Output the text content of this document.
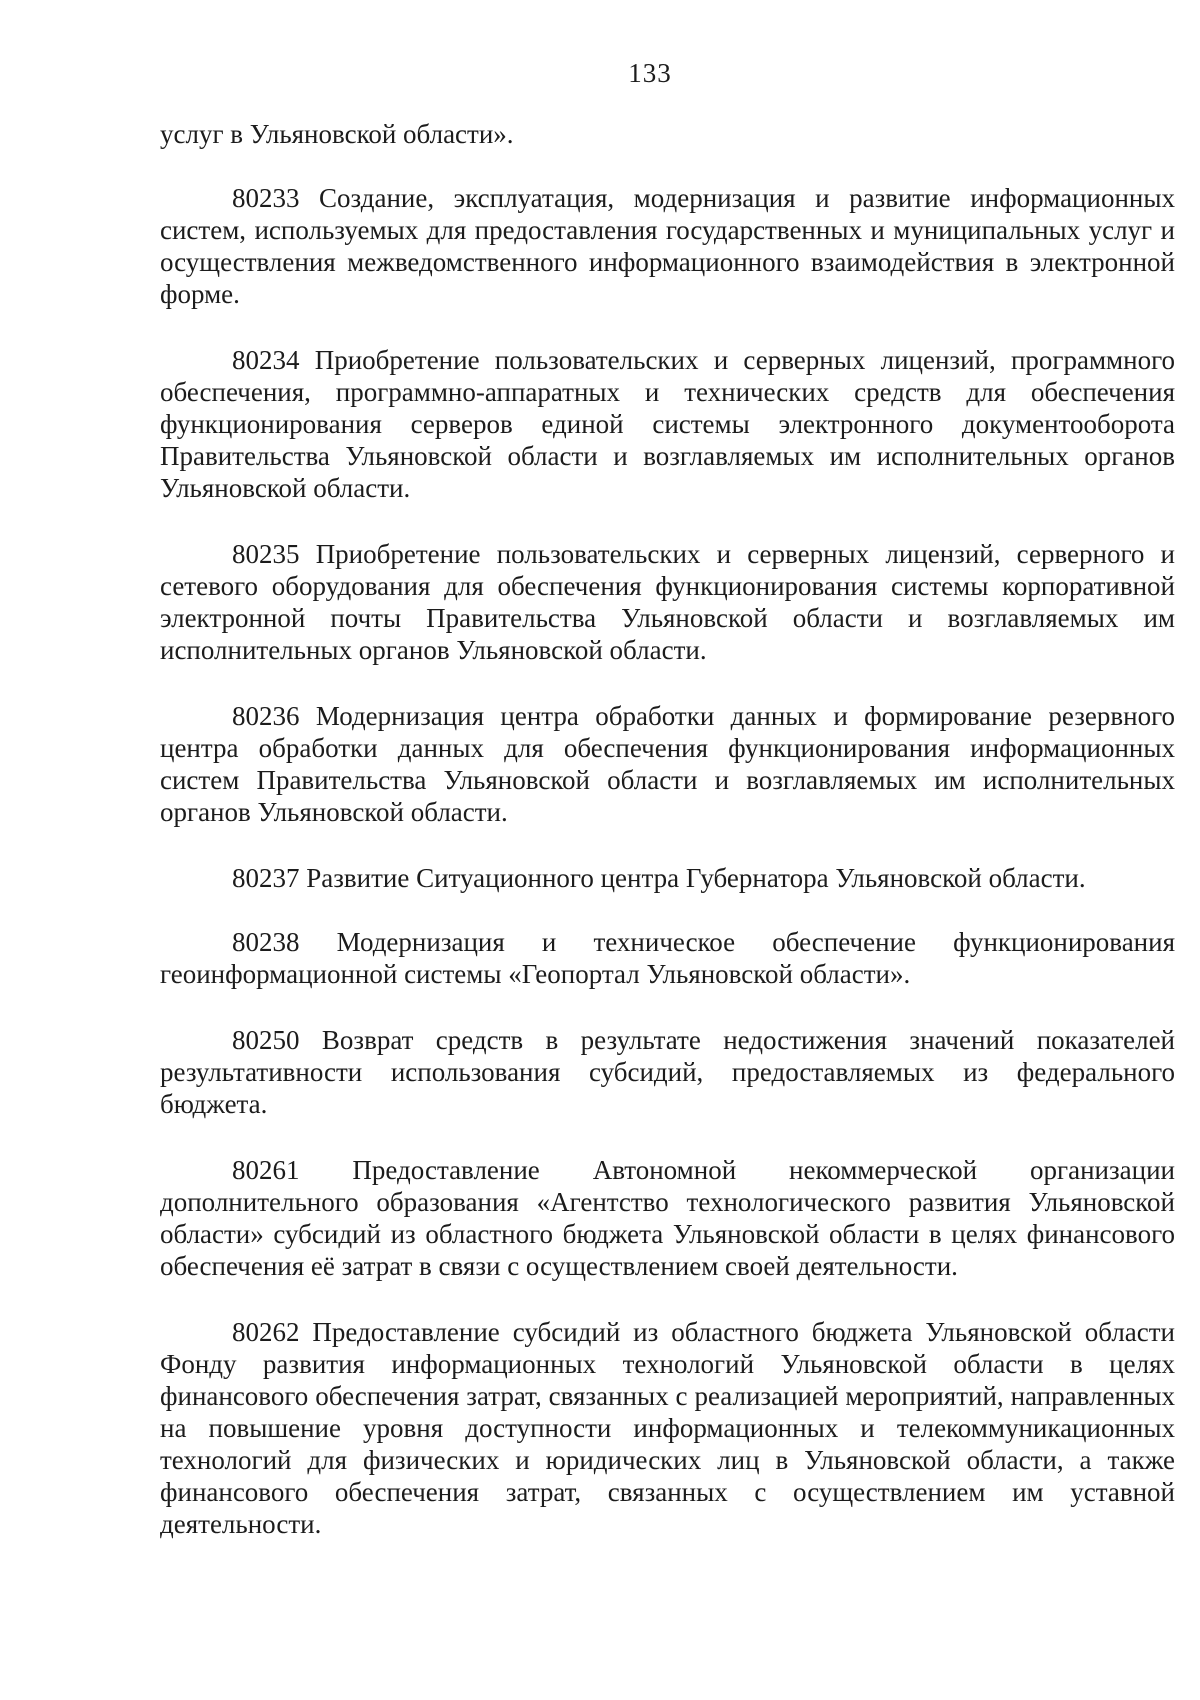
133

услуг в Ульяновской области».

80233 Создание, эксплуатация, модернизация и развитие информационных систем, используемых для предоставления государственных и муниципальных услуг и осуществления межведомственного информационного взаимодействия в электронной форме.

80234 Приобретение пользовательских и серверных лицензий, программного обеспечения, программно-аппаратных и технических средств для обеспечения функционирования серверов единой системы электронного документооборота Правительства Ульяновской области и возглавляемых им исполнительных органов Ульяновской области.

80235 Приобретение пользовательских и серверных лицензий, серверного и сетевого оборудования для обеспечения функционирования системы корпоративной электронной почты Правительства Ульяновской области и возглавляемых им исполнительных органов Ульяновской области.

80236 Модернизация центра обработки данных и формирование резервного центра обработки данных для обеспечения функционирования информационных систем Правительства Ульяновской области и возглавляемых им исполнительных органов Ульяновской области.

80237 Развитие Ситуационного центра Губернатора Ульяновской области.

80238 Модернизация и техническое обеспечение функционирования геоинформационной системы «Геопортал Ульяновской области».

80250 Возврат средств в результате недостижения значений показателей результативности использования субсидий, предоставляемых из федерального бюджета.

80261 Предоставление Автономной некоммерческой организации дополнительного образования «Агентство технологического развития Ульяновской области» субсидий из областного бюджета Ульяновской области в целях финансового обеспечения её затрат в связи с осуществлением своей деятельности.

80262 Предоставление субсидий из областного бюджета Ульяновской области Фонду развития информационных технологий Ульяновской области в целях финансового обеспечения затрат, связанных с реализацией мероприятий, направленных на повышение уровня доступности информационных и телекоммуникационных технологий для физических и юридических лиц в Ульяновской области, а также финансового обеспечения затрат, связанных с осуществлением им уставной деятельности.
